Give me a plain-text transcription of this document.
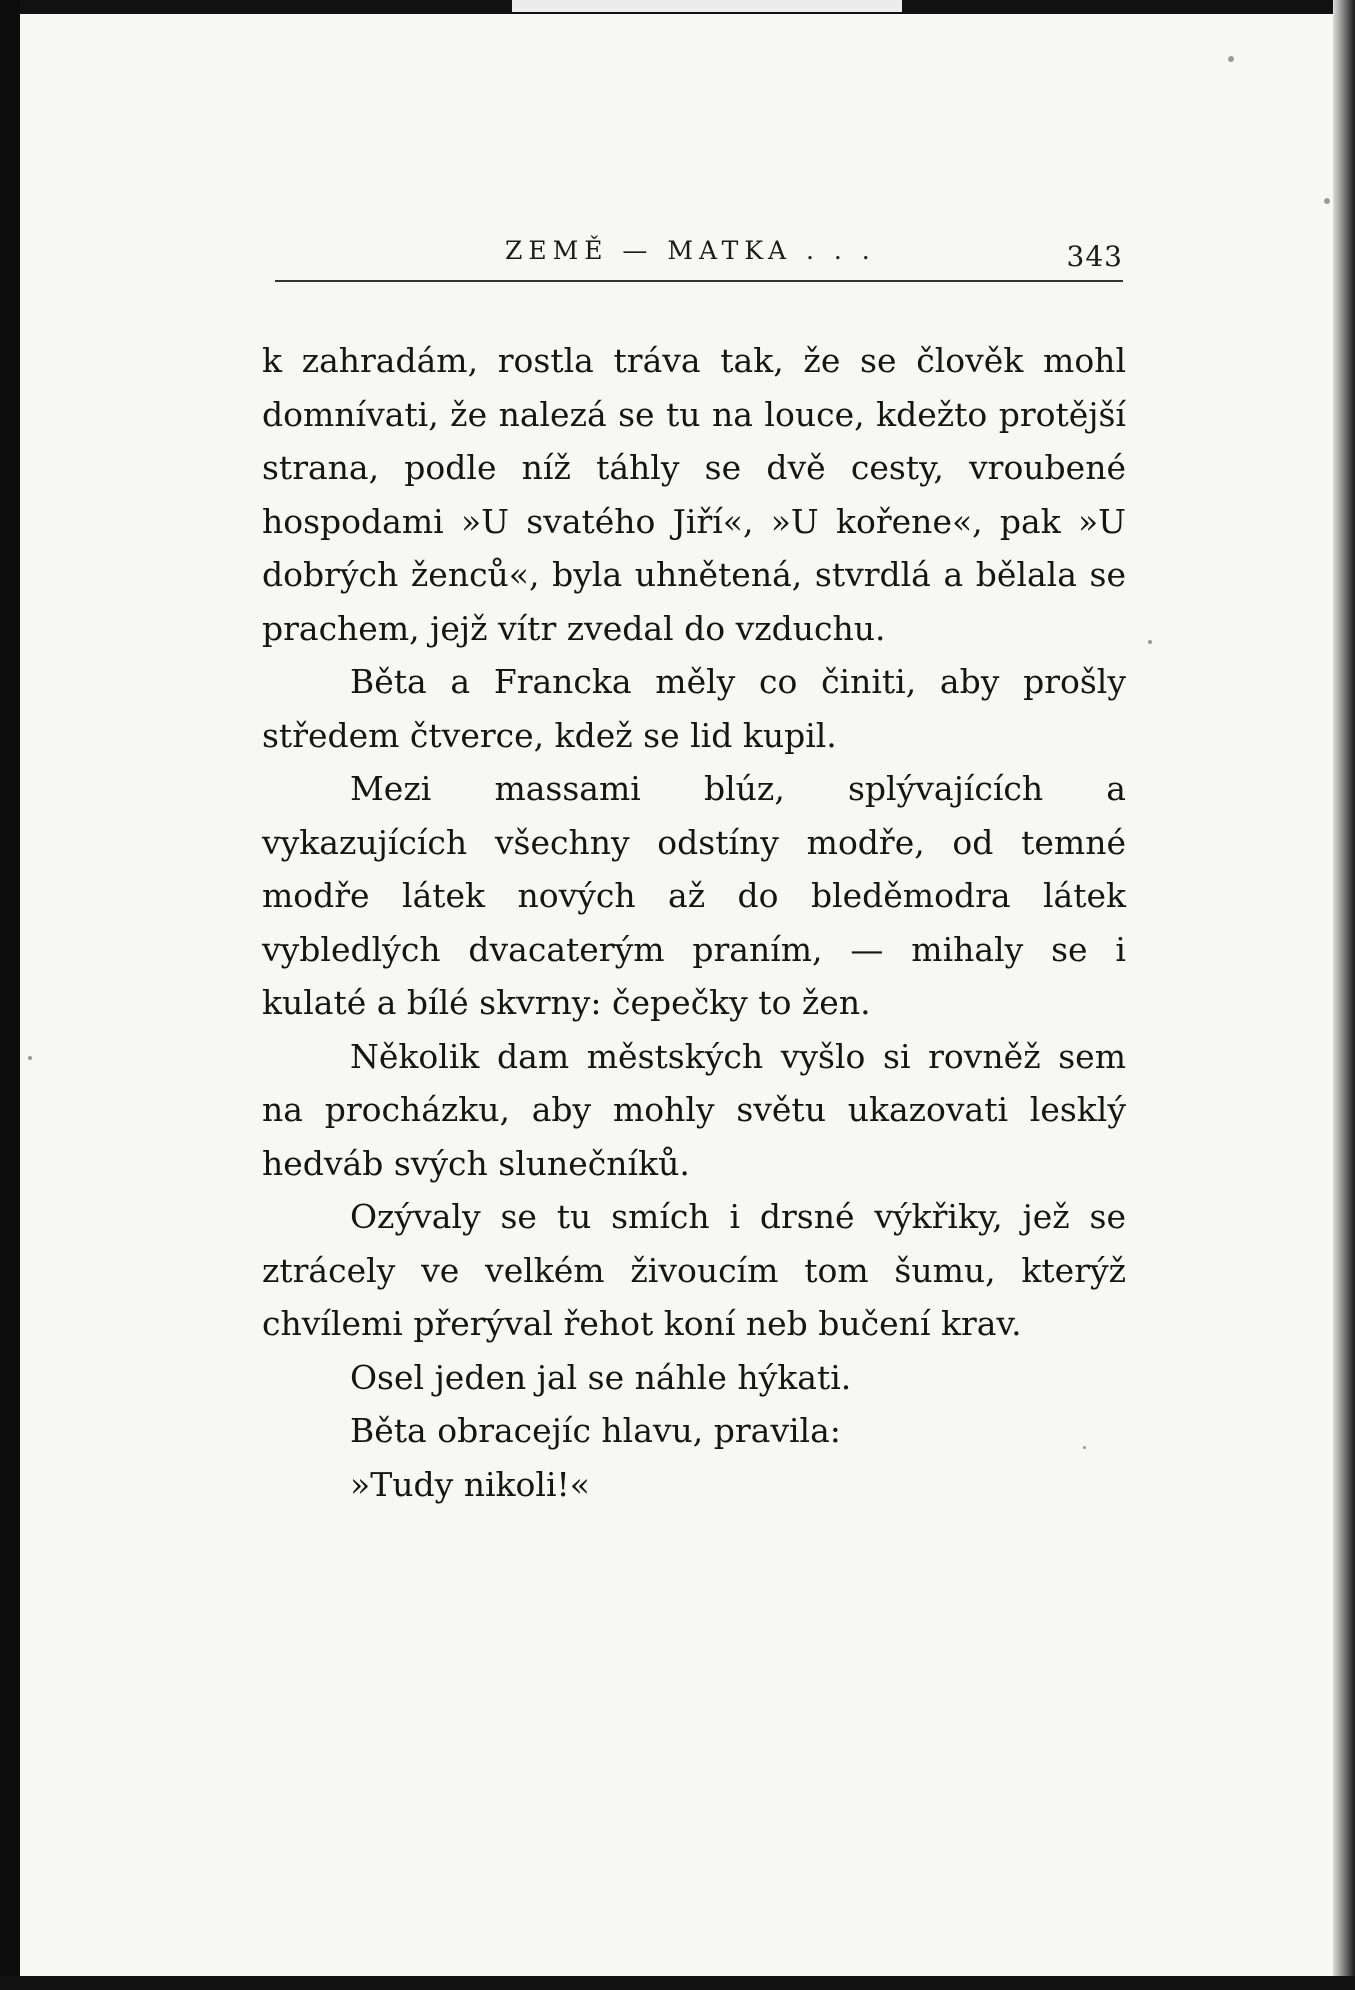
ZEMĚ — MATKA . . .	343

k zahradám, rostla tráva tak, že se člověk mohl domnívati, že nalezá se tu na louce, kdežto protější strana, podle níž táhly se dvě cesty, vroubené hospodami »U svatého Jiří«, »U kořene«, pak »U dobrých ženců«, byla uhnětená, stvrdlá a bělala se prachem, jejž vítr zvedal do vzduchu.

Běta a Francka měly co činiti, aby prošly středem čtverce, kdež se lid kupil.

Mezi massami blúz, splývajících a vykazujících všechny odstíny modře, od temné modře látek nových až do bleděmodra látek vybledlých dvacaterým praním, — mihaly se i kulaté a bílé skvrny: čepečky to žen.

Několik dam městských vyšlo si rovněž sem na procházku, aby mohly světu ukazovati lesklý hedváb svých slunečníků.

Ozývaly se tu smích i drsné výkřiky, jež se ztrácely ve velkém živoucím tom šumu, kterýž chvílemi přerýval řehot koní neb bučení krav.

Osel jeden jal se náhle hýkati.

Běta obracejíc hlavu, pravila:

»Tudy nikoli!«
